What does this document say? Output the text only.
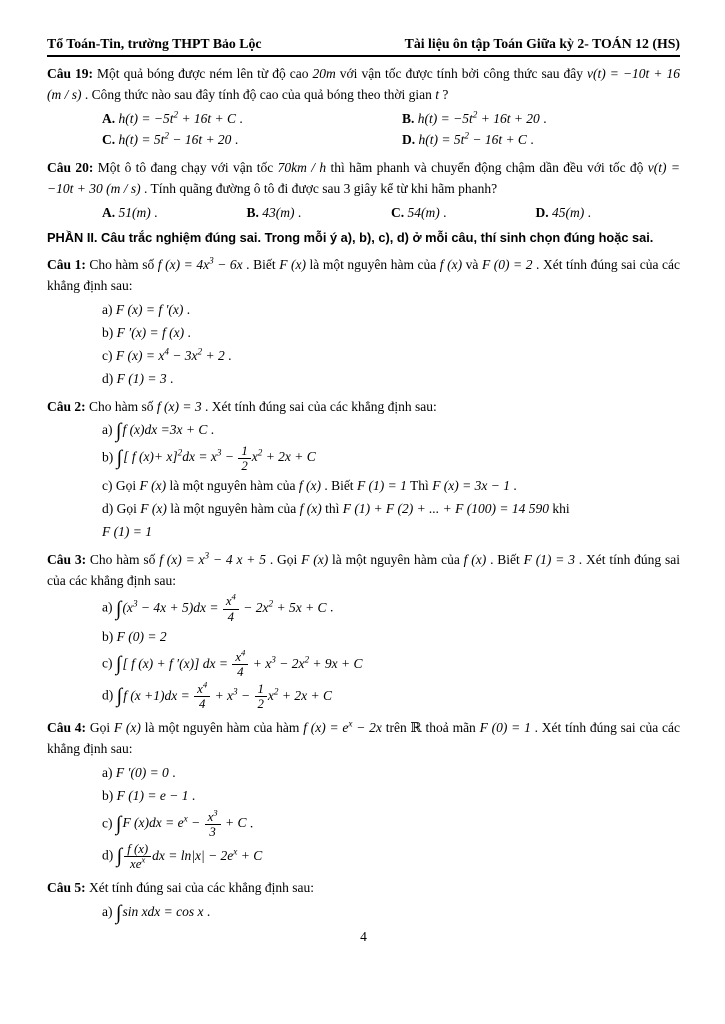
Tổ Toán-Tin, trường THPT Bảo Lộc	Tài liệu ôn tập Toán Giữa kỳ 2- TOÁN 12 (HS)
Câu 19: Một quả bóng được ném lên từ độ cao 20m với vận tốc được tính bởi công thức sau đây v(t) = −10t + 16 (m / s) . Công thức nào sau đây tính độ cao của quả bóng theo thời gian t ?
A. $h(t) = -5t^2 + 16t + C$ .	B. $h(t) = -5t^2 + 16t + 20$ .
C. $h(t) = 5t^2 - 16t + 20$ .	D. $h(t) = 5t^2 - 16t + C$ .
Câu 20: Một ô tô đang chạy với vận tốc 70km / h thì hãm phanh và chuyển động chậm dần đều với tốc độ v(t) = −10t + 30 (m / s) . Tính quãng đường ô tô đi được sau 3 giây kể từ khi hãm phanh?
A. 51(m) .	B. 43(m) .	C. 54(m) .	D. 45(m) .
PHẦN II. Câu trắc nghiệm đúng sai. Trong mỗi ý a), b), c), d) ở mỗi câu, thí sinh chọn đúng hoặc sai.
Câu 1: Cho hàm số f $(x) = 4x^3 - 6x$ . Biết F (x) là một nguyên hàm của f (x) và F (0) = 2 . Xét tính đúng sai của các khẳng định sau:
a) F (x) = f ′(x) .
b) F ′(x) = f (x) .
c) F $(x) = x^4 - 3x^2 + 2$ .
d) F (1) = 3 .
Câu 2: Cho hàm số f (x) = 3 . Xét tính đúng sai của các khẳng định sau:
a) ∫f (x)dx =3x + C .
b) ∫[ f $(x)+ x]^2dx = x^3 - \frac{1}{2} x^2 + 2x + C$
c) Gọi F (x) là một nguyên hàm của f (x) . Biết F (1) = 1 Thì F (x) = 3x − 1 .
d) Gọi F (x) là một nguyên hàm của f (x) thì F (1) + F (2) + ... + F (100) = 14 590 khi
F (1) = 1
Câu 3: Cho hàm số f $(x) = x^3 - 4$ x + 5 . Gọi F (x) là một nguyên hàm của f (x) . Biết F (1) = 3 . Xét tính đúng sai của các khẳng định sau:
a) $\int(x^3 - 4x + 5)dx = \frac{x^4}{4} - 2x^2 + 5x + C$ .
b) F (0) = 2
c) ∫[ f (x) + f ′(x)] dx = $\frac{x^4}{4} + x^3 - 2x^2 + 9x + C$
d) ∫f $(x +1)dx = \frac{x^4}{4} + x^3 - \frac{1}{2} x^2 + 2x + C$
Câu 4: Gọi F (x) là một nguyên hàm của hàm f $(x) = e^x - 2x$ trên ℝ thoả mãn F (0) = 1 . Xét tính đúng sai của các khẳng định sau:
a) F ′(0) = 0 .
b) F (1) = e − 1 .
c) ∫F $(x)dx = e^x - \frac{x^3}{3} + C$ .
d) ∫ $\frac{f (x)}{xe^x}$ dx = $\ln|x| - 2e^x + C$
Câu 5: Xét tính đúng sai của các khẳng định sau:
a) ∫sin xdx = cos x .
4
